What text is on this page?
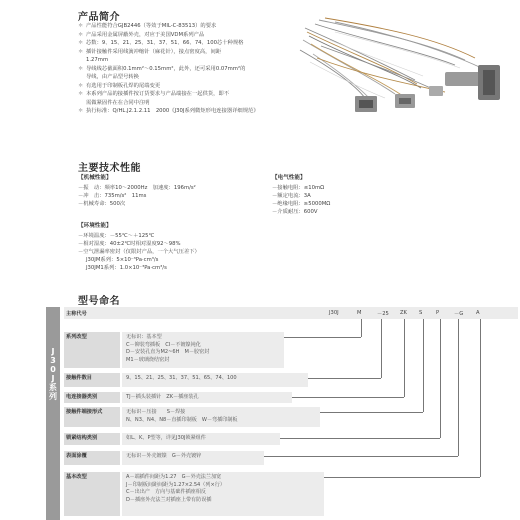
产品简介
＊ 产品性能符合GJB2446（等效于MIL-C-83513）的要求
＊ 产品采用金属屏蔽外壳，对应于美国VDM系列产品
＊ 芯数：9、15、21、25、31、37、51、66、74、100芯十种规格
＊ 插针接触件采用线簧冲缩针（麻花针），接点密度高，间距
1.27mm
＊ 导线线芯截面积0.1mm²～0.15mm²，此外，还可采用0.07mm²的
导线，由产品型号转换
＊ 有选用于印制板孔焊的尾端变更
＊ 本系列产品的接插件按订货要求与产品端接在一起供货，即不
需做紧固件在在合同中注明
＊ 执行标准：Q/HL.J2.1.2.11　2000《J30J系列微矩形电连接器详细规范》
主要技术性能
【机械性能】
－振　动：频率10～2000Hz　加速度：196m/s²
－冲　击：735m/s²　11ms
－机械寿命：500次
【环境性能】
－环境温度：－55℃～＋125℃
－相对湿度：40±2℃时相对湿度92～98%
－空气泄漏率密封（仅限封产品，一个大气压差下）
J30JM系列：5×10⁻³Pa·cm³/s
J30JM1系列：1.0×10⁻³Pa·cm³/s
【电气性能】
－接触电阻：≤10mΩ
－额定电流：3A
－绝缘电阻：≥5000MΩ
－介质耐压：600V
型号命名
J
3
0
J
系
列
主称代号	J30J	M	－25 ZK S	P	－G A
系列改型	无标识：基本型
C－铆装弯插板　CI－不镀镍钝化
D－安装孔直为M2~6H　M－胶密封
M1－玻璃烧结密封
接触件数目	9、15、21、25、31、37、51、65、74、100
电连接器类别	TJ－插头装插针　ZK－插座装孔
接触件端接形式	无标识－压接　　S－焊接
N、N3、N4、N8－直插印制板　W－弯插印制板
锁紧结构类别	如L、K、P型等，详见J30J锁紧组件
表面涂覆	无标识－外壳镀镍　G－外壳镀锌
基本改型	A－端插件间距为1.27　G－外壳法兰加宽
J－印制板间距间距为1.27×2.54（列×行）
C－出出产　方向与基础件插座相反
D－插座外壳法兰对插座上带有防误插
